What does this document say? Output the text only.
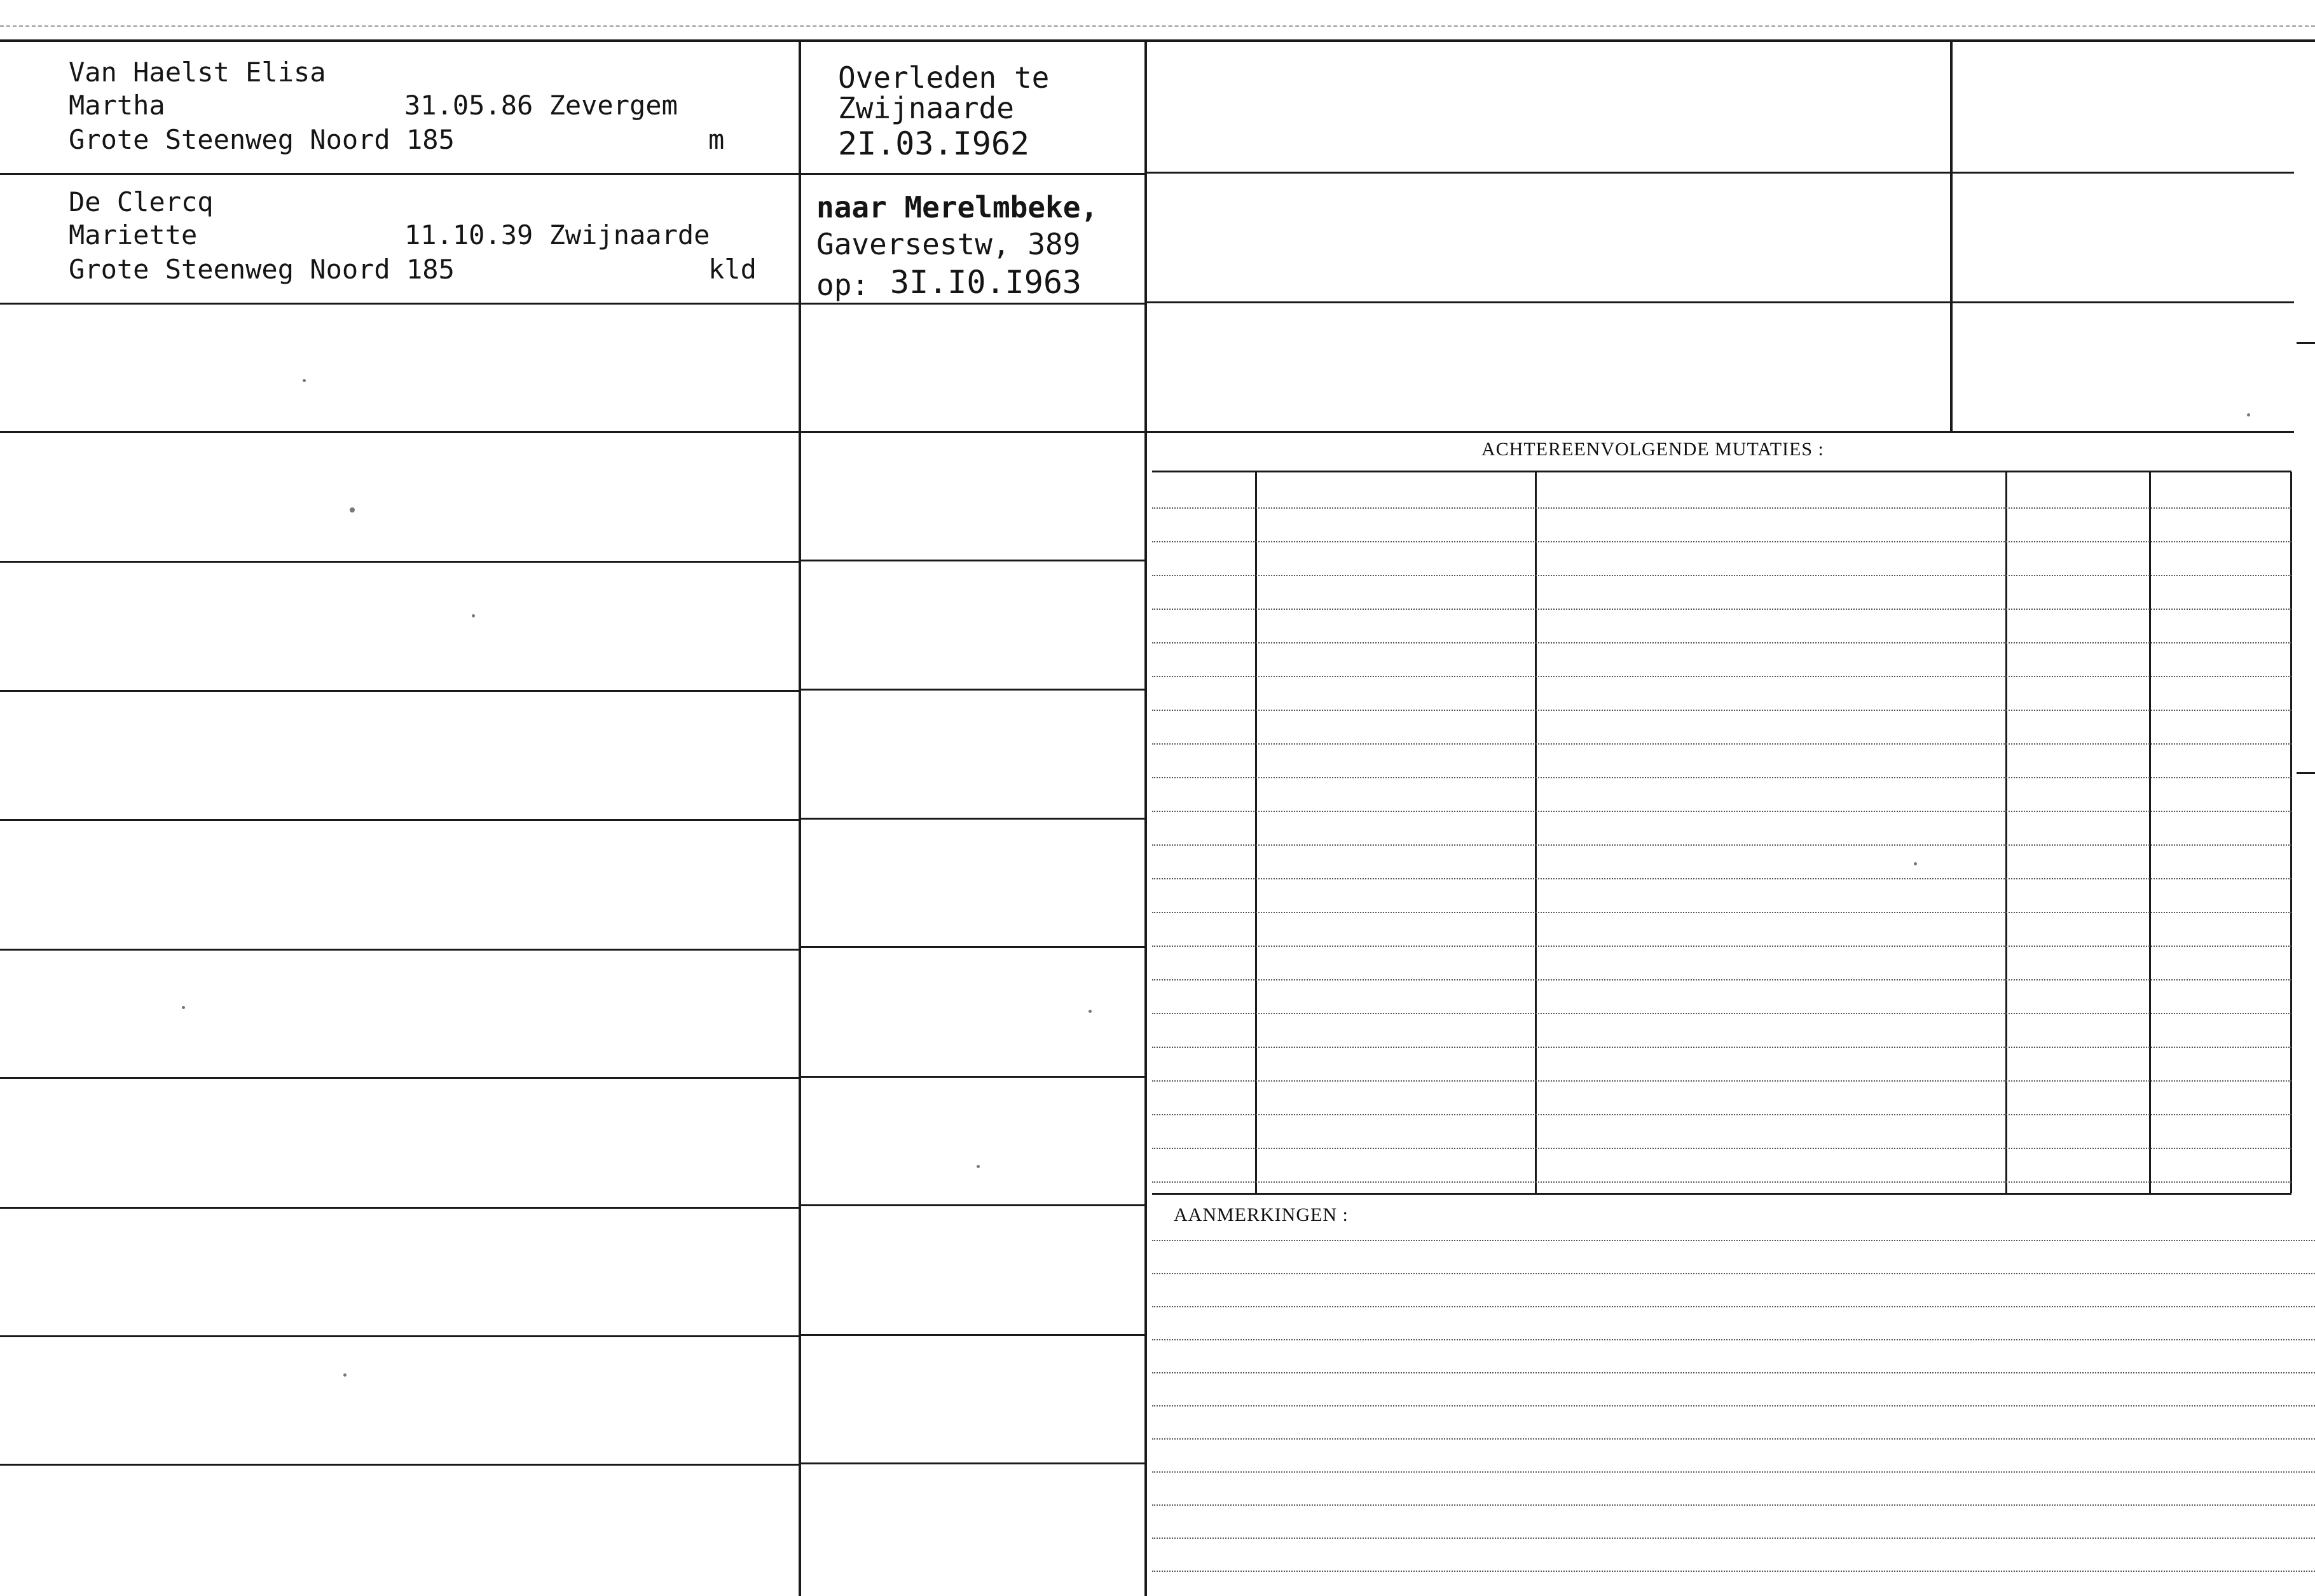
Van Haelst Elisa
Martha	31.05.86 Zevergem
Grote Steenweg Noord 185	m
De Clercq
Mariette	11.10.39 Zwijnaarde
Grote Steenweg Noord 185	kld
Overleden te
Zwijnaarde
2I.03.I962
naar Merelmbeke,
Gaversestw, 389
op: 3I.I0.I963
ACHTEREENVOLGENDE MUTATIES :
AANMERKINGEN :
